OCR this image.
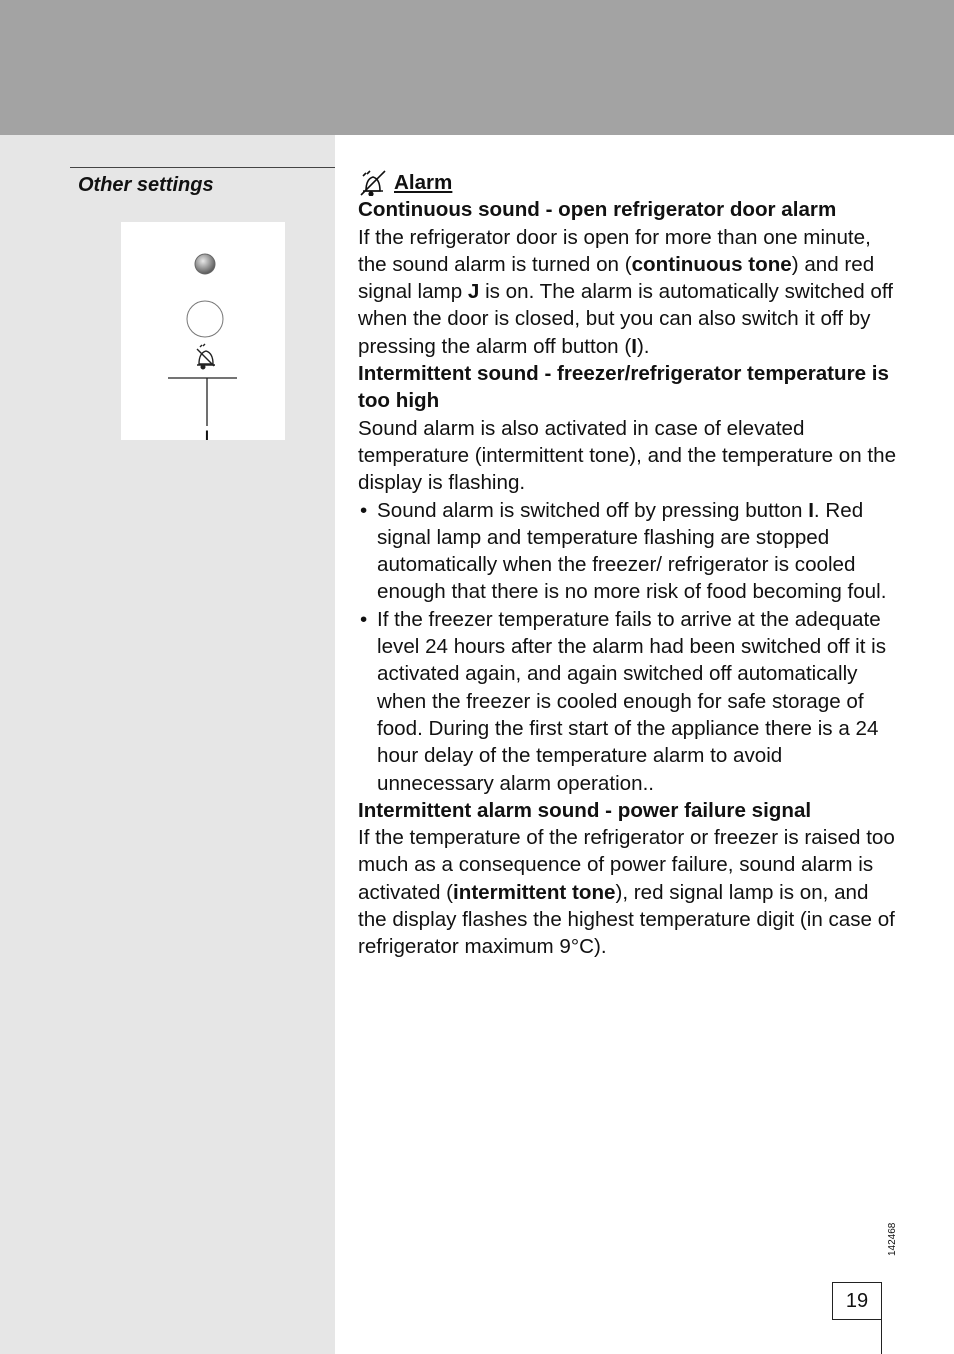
Other settings
I
Alarm

Continuous sound - open refrigerator door alarm

If the refrigerator door is open for more than one minute, the sound alarm is turned on (continuous tone) and red signal lamp J is on. The alarm is automatically switched off when the door is closed, but you can also switch it off by pressing the alarm off button (I).

Intermittent sound - freezer/refrigerator temperature is too high

Sound alarm is also activated in case of elevated temperature (intermittent tone), and the temperature on the display is flashing.

• Sound alarm is switched off by pressing button I. Red signal lamp and temperature flashing are stopped automatically when the freezer/ refrigerator is cooled enough that there is no more risk of food becoming foul.

• If the freezer temperature fails to arrive at the adequate level 24 hours after the alarm had been switched off it is activated again, and again switched off automatically when the freezer is cooled enough for safe storage of food. During the first start of the appliance there is a 24 hour delay of the temperature alarm to avoid unnecessary alarm operation..

Intermittent alarm sound - power failure signal

If the temperature of the refrigerator or freezer is raised too much as a consequence of power failure, sound alarm is activated (intermittent tone), red signal lamp is on, and the display flashes the highest temperature digit (in case of refrigerator maximum 9°C).

142468
19
